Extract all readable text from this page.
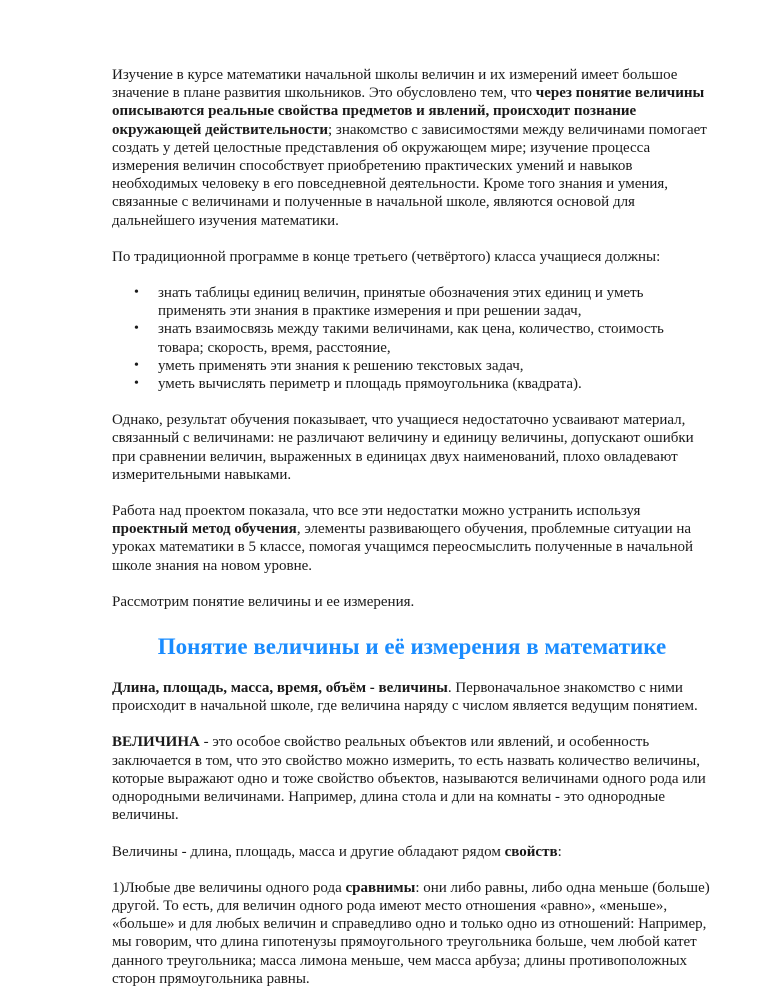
Изучение в курсе математики начальной школы величин и их измерений имеет большое значение в плане развития школьников. Это обусловлено тем, что через понятие величины описываются реальные свойства предметов и явлений, происходит познание окружающей действительности; знакомство с зависимостями между величинами помогает создать у детей целостные представления об окружающем мире; изучение процесса измерения величин способствует приобретению практических умений и навыков необходимых человеку в его повседневной деятельности. Кроме того знания и умения, связанные с величинами и полученные в начальной школе, являются основой для дальнейшего изучения математики.

По традиционной программе в конце третьего (четвёртого) класса учащиеся должны:

• знать таблицы единиц величин, принятые обозначения этих единиц и уметь применять эти знания в практике измерения и при решении задач,
• знать взаимосвязь между такими величинами, как цена, количество, стоимость товара; скорость, время, расстояние,
• уметь применять эти знания к решению текстовых задач,
• уметь вычислять периметр и площадь прямоугольника (квадрата).

Однако, результат обучения показывает, что учащиеся недостаточно усваивают материал, связанный с величинами: не различают величину и единицу величины, допускают ошибки при сравнении величин, выраженных в единицах двух наименований, плохо овладевают измерительными навыками.

Работа над проектом показала, что все эти недостатки можно устранить используя проектный метод обучения, элементы развивающего обучения, проблемные ситуации на уроках математики в 5 классе, помогая учащимся переосмыслить полученные в начальной школе знания на новом уровне.

Рассмотрим понятие величины и ее измерения.

Понятие величины и её измерения в математике

Длина, площадь, масса, время, объём - величины. Первоначальное знакомство с ними происходит в начальной школе, где величина наряду с числом является ведущим понятием.

ВЕЛИЧИНА - это особое свойство реальных объектов или явлений, и особенность заключается в том, что это свойство можно измерить, то есть назвать количество величины, которые выражают одно и тоже свойство объектов, называются величинами одного рода или однородными величинами. Например, длина стола и дли на комнаты - это однородные величины.

Величины - длина, площадь, масса и другие обладают рядом свойств:

1)Любые две величины одного рода сравнимы: они либо равны, либо одна меньше (больше) другой. То есть, для величин одного рода имеют место отношения «равно», «меньше», «больше» и для любых величин и справедливо одно и только одно из отношений: Например, мы говорим, что длина гипотенузы прямоугольного треугольника больше, чем любой катет данного треугольника; масса лимона меньше, чем масса арбуза; длины противоположных сторон прямоугольника равны.
